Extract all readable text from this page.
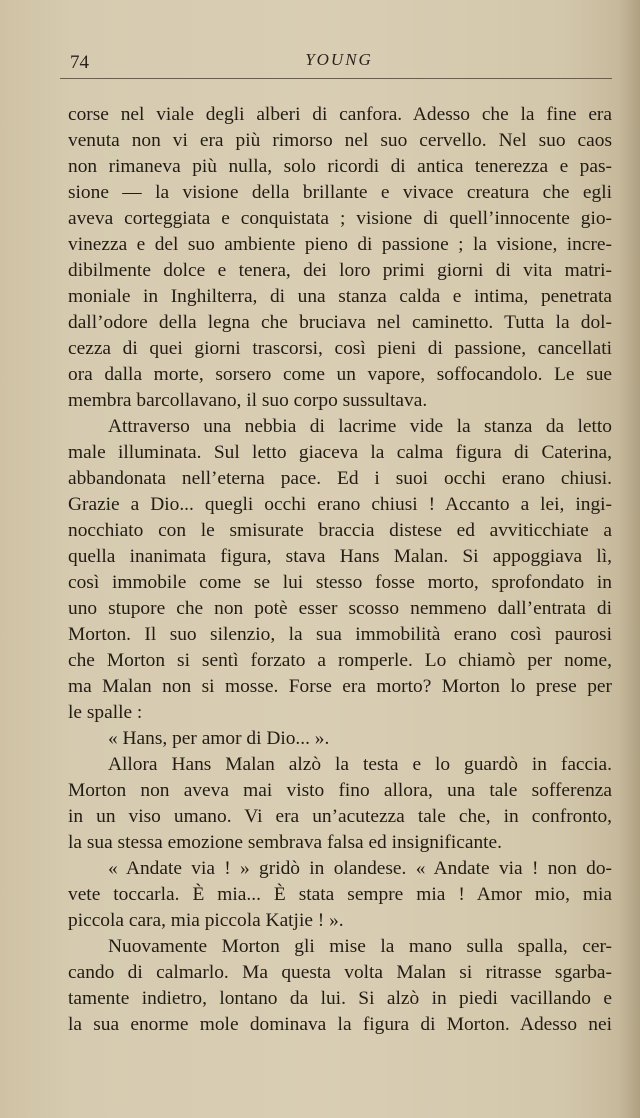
74	YOUNG
corse nel viale degli alberi di canfora. Adesso che la fine era
venuta non vi era più rimorso nel suo cervello. Nel suo caos
non rimaneva più nulla, solo ricordi di antica tenerezza e pas-
sione — la visione della brillante e vivace creatura che egli
aveva corteggiata e conquistata ; visione di quell’innocente gio-
vinezza e del suo ambiente pieno di passione ; la visione, incre-
dibilmente dolce e tenera, dei loro primi giorni di vita matri-
moniale in Inghilterra, di una stanza calda e intima, penetrata
dall’odore della legna che bruciava nel caminetto. Tutta la dol-
cezza di quei giorni trascorsi, così pieni di passione, cancellati
ora dalla morte, sorsero come un vapore, soffocandolo. Le sue
membra barcollavano, il suo corpo sussultava.
Attraverso una nebbia di lacrime vide la stanza da letto
male illuminata. Sul letto giaceva la calma figura di Caterina,
abbandonata nell’eterna pace. Ed i suoi occhi erano chiusi.
Grazie a Dio... quegli occhi erano chiusi ! Accanto a lei, ingi-
nocchiato con le smisurate braccia distese ed avviticchiate a
quella inanimata figura, stava Hans Malan. Si appoggiava lì,
così immobile come se lui stesso fosse morto, sprofondato in
uno stupore che non potè esser scosso nemmeno dall’entrata di
Morton. Il suo silenzio, la sua immobilità erano così paurosi
che Morton si sentì forzato a romperle. Lo chiamò per nome,
ma Malan non si mosse. Forse era morto? Morton lo prese per
le spalle :
« Hans, per amor di Dio... ».
Allora Hans Malan alzò la testa e lo guardò in faccia.
Morton non aveva mai visto fino allora, una tale sofferenza
in un viso umano. Vi era un’acutezza tale che, in confronto,
la sua stessa emozione sembrava falsa ed insignificante.
« Andate via ! » gridò in olandese. « Andate via ! non do-
vete toccarla. È mia... È stata sempre mia ! Amor mio, mia
piccola cara, mia piccola Katjie ! ».
Nuovamente Morton gli mise la mano sulla spalla, cer-
cando di calmarlo. Ma questa volta Malan si ritrasse sgarba-
tamente indietro, lontano da lui. Si alzò in piedi vacillando e
la sua enorme mole dominava la figura di Morton. Adesso nei
